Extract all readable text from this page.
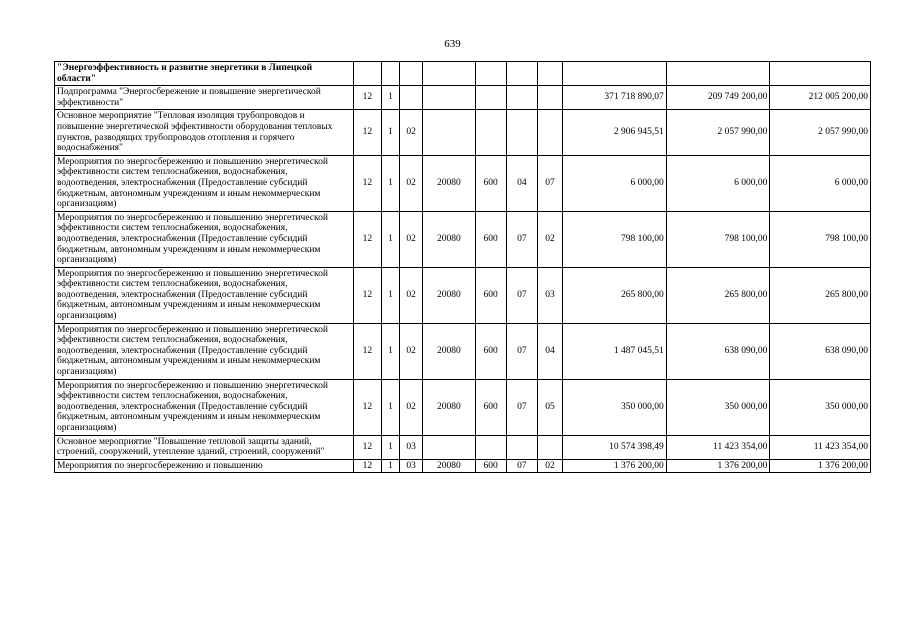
639
"Энергоэффективность и развитие энергетики в Липецкой области"										
Подпрограмма "Энергосбережение и повышение энергетической эффективности"	12	1						371 718 890,07	209 749 200,00	212 005 200,00
Основное мероприятие "Тепловая изоляция трубопроводов и повышение энергетической эффективности оборудования тепловых пунктов, разводящих трубопроводов отопления и горячего водоснабжения"	12	1	02					2 906 945,51	2 057 990,00	2 057 990,00
Мероприятия по энергосбережению и повышению энергетической эффективности систем теплоснабжения, водоснабжения, водоотведения, электроснабжения (Предоставление субсидий бюджетным, автономным учреждениям и иным некоммерческим организациям)	12	1	02	20080	600	04	07	6 000,00	6 000,00	6 000,00
Мероприятия по энергосбережению и повышению энергетической эффективности систем теплоснабжения, водоснабжения, водоотведения, электроснабжения (Предоставление субсидий бюджетным, автономным учреждениям и иным некоммерческим организациям)	12	1	02	20080	600	07	02	798 100,00	798 100,00	798 100,00
Мероприятия по энергосбережению и повышению энергетической эффективности систем теплоснабжения, водоснабжения, водоотведения, электроснабжения (Предоставление субсидий бюджетным, автономным учреждениям и иным некоммерческим организациям)	12	1	02	20080	600	07	03	265 800,00	265 800,00	265 800,00
Мероприятия по энергосбережению и повышению энергетической эффективности систем теплоснабжения, водоснабжения, водоотведения, электроснабжения (Предоставление субсидий бюджетным, автономным учреждениям и иным некоммерческим организациям)	12	1	02	20080	600	07	04	1 487 045,51	638 090,00	638 090,00
Мероприятия по энергосбережению и повышению энергетической эффективности систем теплоснабжения, водоснабжения, водоотведения, электроснабжения (Предоставление субсидий бюджетным, автономным учреждениям и иным некоммерческим организациям)	12	1	02	20080	600	07	05	350 000,00	350 000,00	350 000,00
Основное мероприятие "Повышение тепловой защиты зданий, строений, сооружений, утепление зданий, строений, сооружений"	12	1	03					10 574 398,49	11 423 354,00	11 423 354,00
Мероприятия по энергосбережению и повышению	12	1	03	20080	600	07	02	1 376 200,00	1 376 200,00	1 376 200,00
